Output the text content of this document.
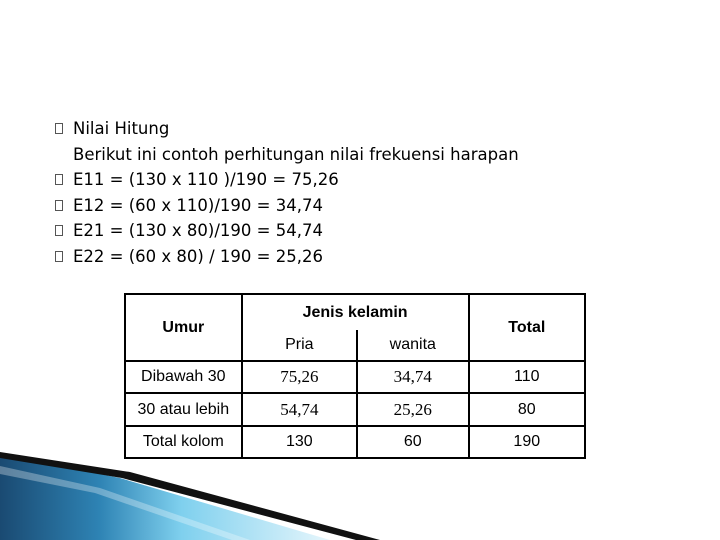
Nilai Hitung
Berikut ini contoh perhitungan nilai frekuensi harapan
E11 = (130 x 110 )/190 = 75,26
E12 = (60 x 110)/190 = 34,74
E21 = (130 x 80)/190 = 54,74
E22 = (60 x 80) / 190 = 25,26
Umur	Jenis kelamin		Total
	Pria	wanita	
Dibawah 30	75,26	34,74	110
30 atau lebih	54,74	25,26	80
Total kolom	130	60	190
